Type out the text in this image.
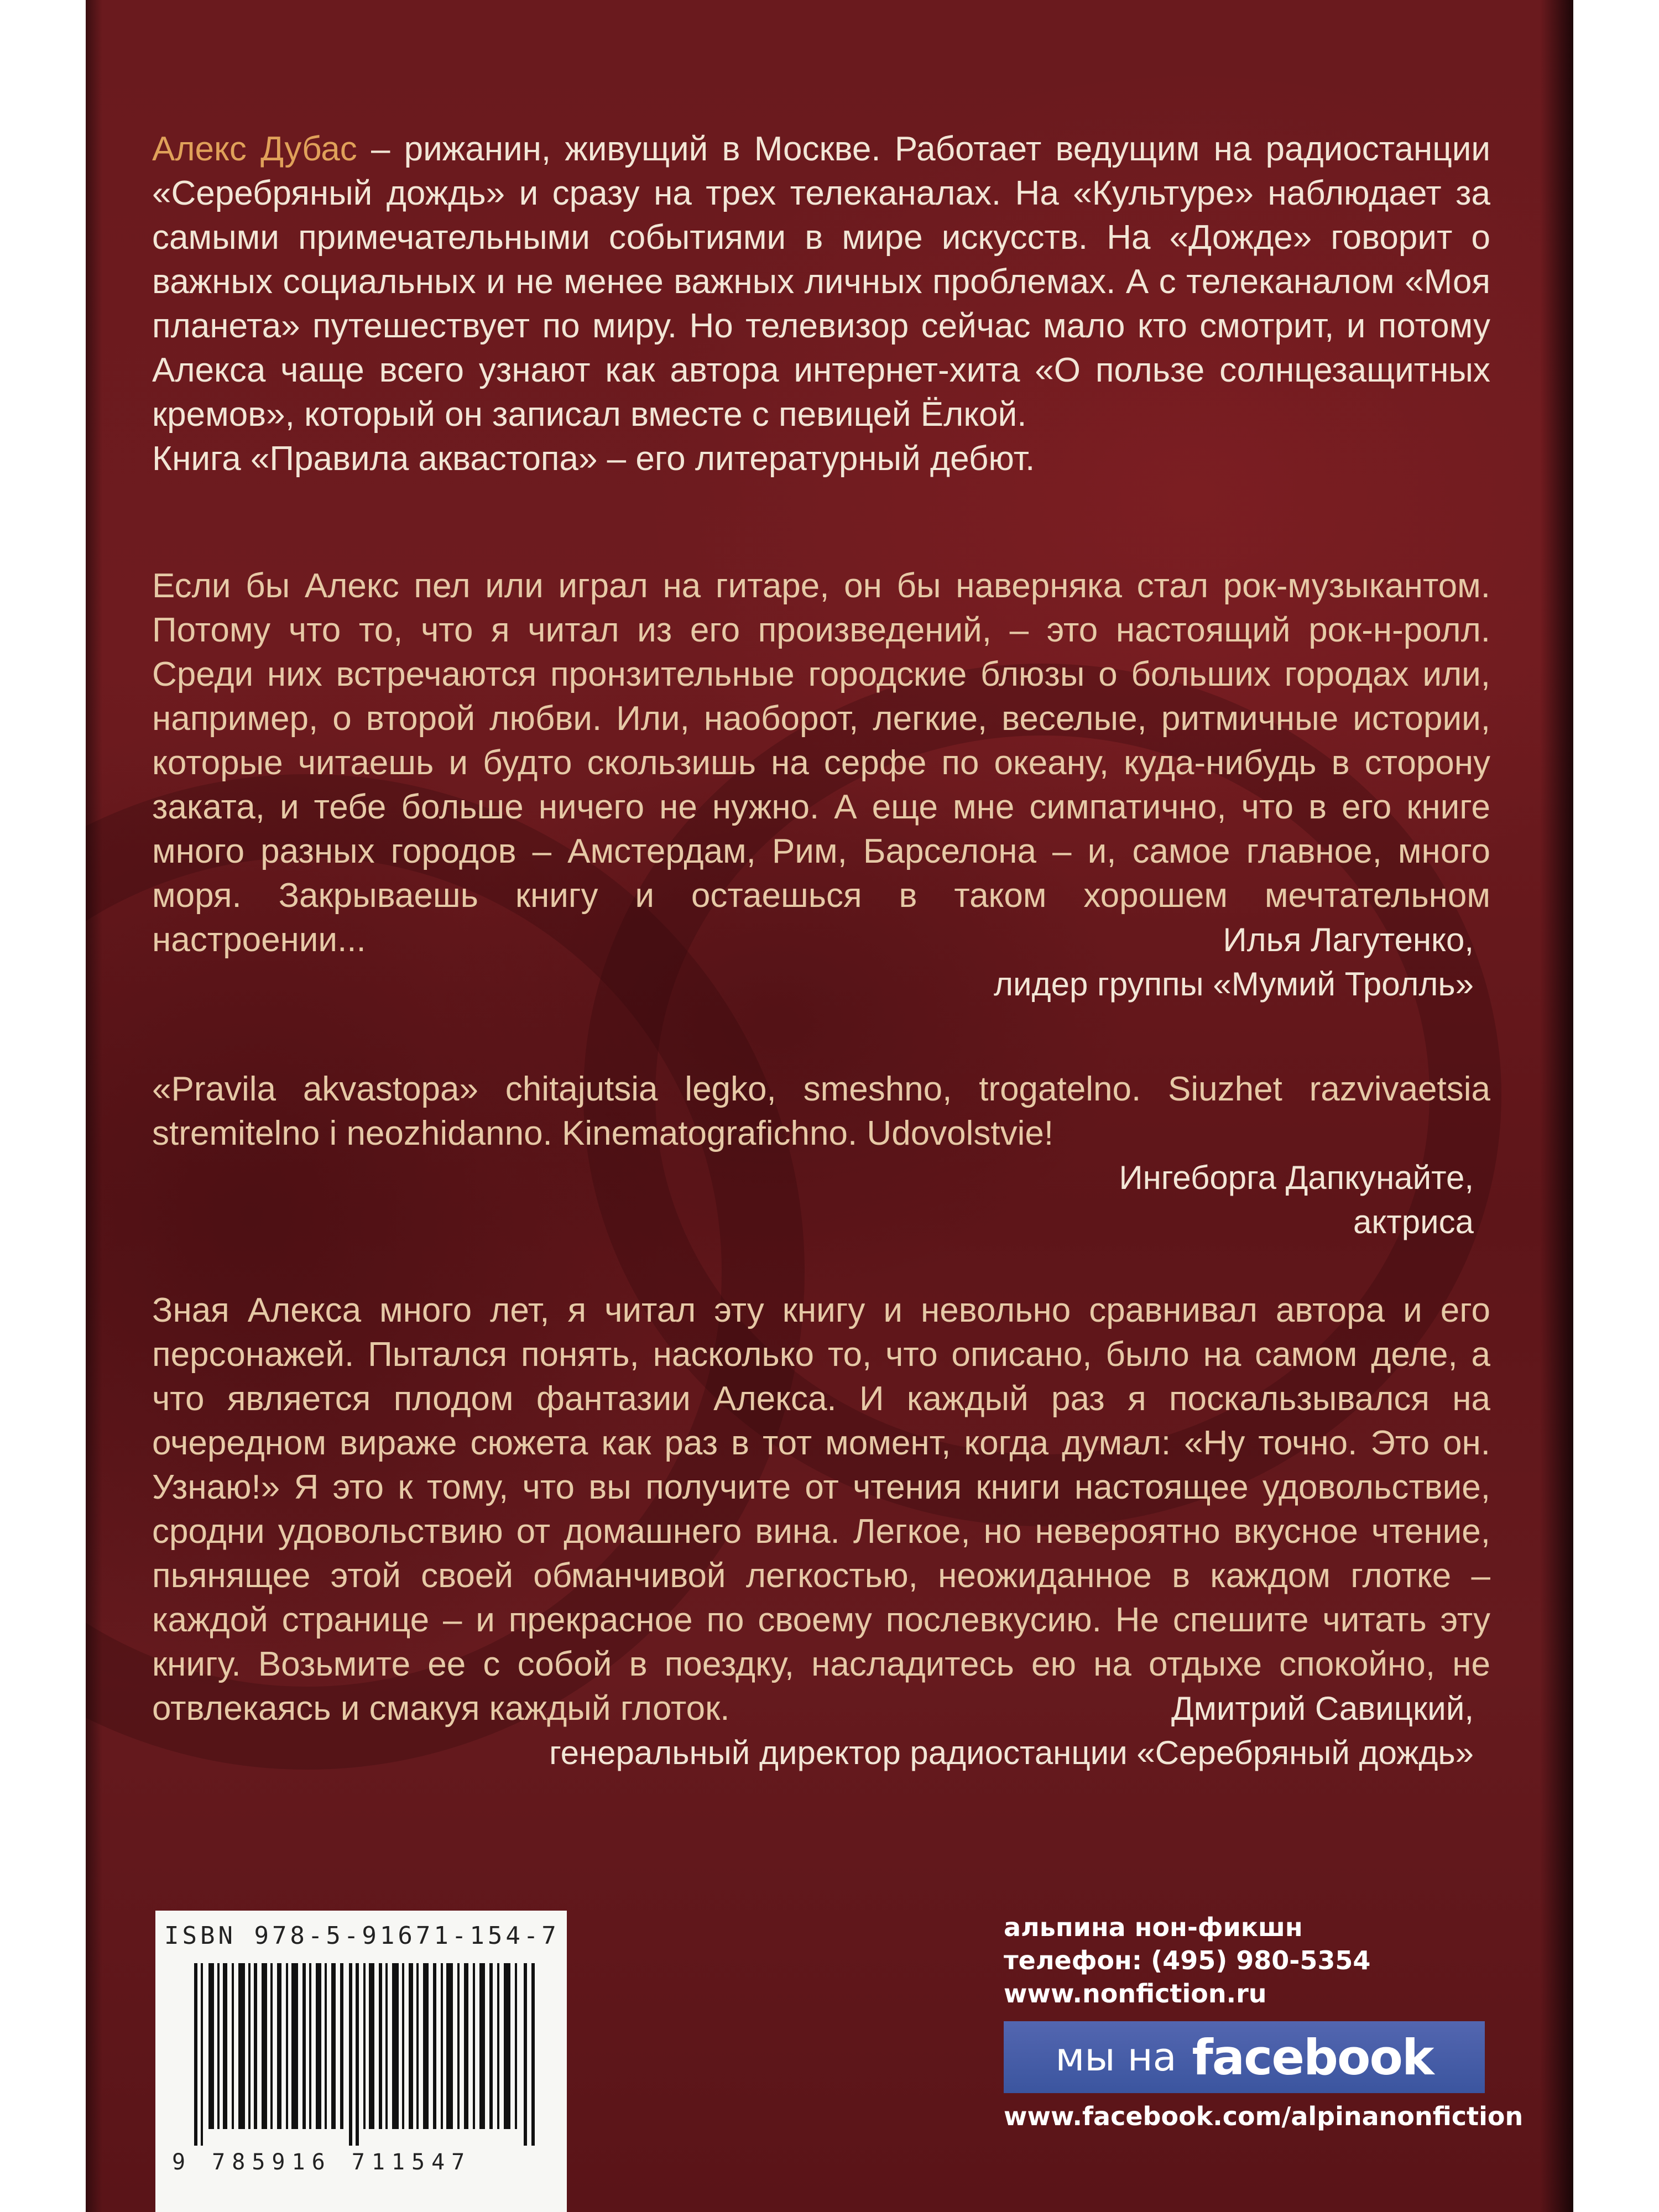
Алекс Дубас – рижанин, живущий в Москве. Работает ведущим на радиостанции «Серебряный дождь» и сразу на трех телеканалах. На «Культуре» наблюдает за самыми примечательными событиями в мире искусств. На «Дожде» говорит о важных социальных и не менее важных личных проблемах. А с телеканалом «Моя планета» путешествует по миру. Но телевизор сейчас мало кто смотрит, и потому Алекса чаще всего узнают как автора интернет-хита «О пользе солнцезащитных кремов», который он записал вместе с певицей Ёлкой.
Книга «Правила аквастопа» – его литературный дебют.

Если бы Алекс пел или играл на гитаре, он бы наверняка стал рок-музыкантом. Потому что то, что я читал из его произведений, – это настоящий рок-н-ролл. Среди них встречаются пронзительные городские блюзы о больших городах или, например, о второй любви. Или, наоборот, легкие, веселые, ритмичные истории, которые читаешь и будто скользишь на серфе по океану, куда-нибудь в сторону заката, и тебе больше ничего не нужно. А еще мне симпатично, что в его книге много разных городов – Амстердам, Рим, Барселона – и, самое главное, много моря. Закрываешь книгу и остаешься в таком хорошем мечтательном настроении...	Илья Лагутенко,
лидер группы «Мумий Тролль»

«Pravila akvastopa» chitajutsia legko, smeshno, trogatelno. Siuzhet razvivaetsia stremitelno i neozhidanno. Kinematografichno. Udovolstvie!

Ингеборга Дапкунайте,
актриса

Зная Алекса много лет, я читал эту книгу и невольно сравнивал автора и его персонажей. Пытался понять, насколько то, что описано, было на самом деле, а что является плодом фантазии Алекса. И каждый раз я поскальзывался на очередном вираже сюжета как раз в тот момент, когда думал: «Ну точно. Это он. Узнаю!» Я это к тому, что вы получите от чтения книги настоящее удовольствие, сродни удовольствию от домашнего вина. Легкое, но невероятно вкусное чтение, пьянящее этой своей обманчивой легкостью, неожиданное в каждом глотке – каждой странице – и прекрасное по своему послевкусию. Не спешите читать эту книгу. Возьмите ее с собой в поездку, насладитесь ею на отдыхе спокойно, не отвлекаясь и смакуя каждый глоток.	Дмитрий Савицкий,
генеральный директор радиостанции «Серебряный дождь»
ISBN 978-5-91671-154-7
9 785916 711547
альпина нон-фикшн
телефон: (495) 980-5354
www.nonfiction.ru
мы на facebook
www.facebook.com/alpinanonfiction
